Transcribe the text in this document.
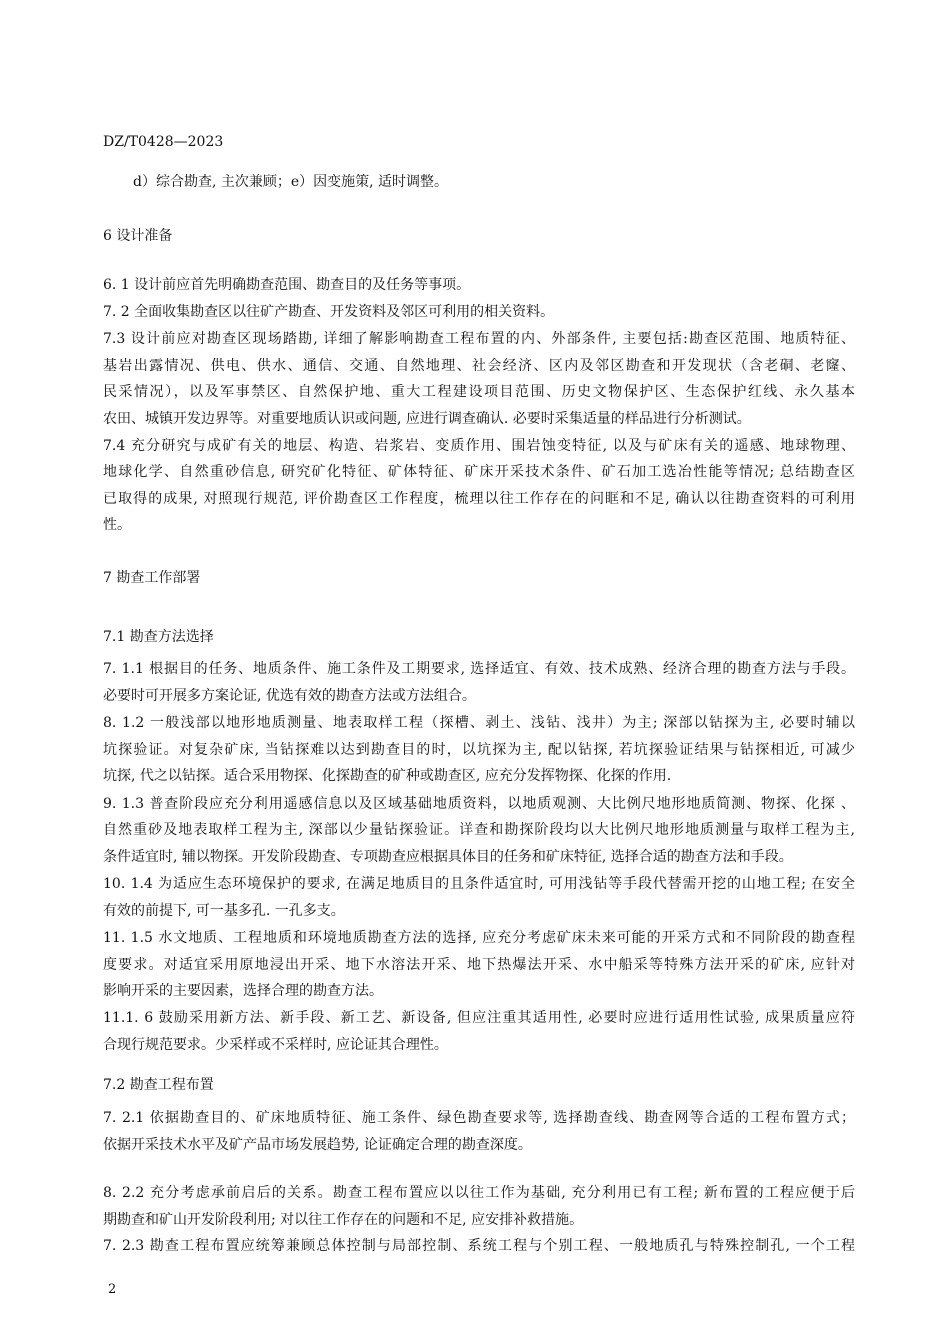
DZ/T0428—2023
d）综合勘查, 主次兼顾；e）因变施策, 适时调整。
6 设计准备
6. 1 设计前应首先明确勘查范围、勘查目的及任务等事项。
7. 2 全面收集勘查区以往矿产勘查、开发资料及邻区可利用的相关资料。
7.3 设计前应对勘查区现场踏勘, 详细了解影响勘查工程布置的内、外部条件, 主要包括:勘查区范围、地质特征、
基岩出露情况、供电、供水、通信、交通、自然地理、社会经济、区内及邻区勘查和开发现状（含老硐、老窿、
民采情况），以及军事禁区、自然保护地、重大工程建设项目范围、历史文物保护区、生态保护红线、永久基本
农田、城镇开发边界等。对重要地质认识或问题, 应进行调查确认. 必要时采集适量的样品进行分析测试。
7.4 充分研究与成矿有关的地层、构造、岩浆岩、变质作用、围岩蚀变特征, 以及与矿床有关的遥感、地球物理、
地球化学、自然重砂信息, 研究矿化特征、矿体特征、矿床开采技术条件、矿石加工选冶性能等情况; 总结勘查区
已取得的成果, 对照现行规范, 评价勘查区工作程度，梳理以往工作存在的问眶和不足, 确认以往勘查资料的可利用
性。
7 勘查工作部署
7.1 勘查方法选择
7. 1.1 根据目的任务、地质条件、施工条件及工期要求, 选择适宜、有效、技术成熟、经济合理的勘查方法与手段。
必要时可开展多方案论证, 优选有效的勘查方法或方法组合。
8. 1.2 一般浅部以地形地质测量、地表取样工程（探槽、剥土、浅钻、浅井）为主; 深部以钻探为主, 必要时辅以
坑探验证。对复杂矿床, 当钻探难以达到勘查目的时，以坑探为主, 配以钻探, 若坑探验证结果与钻探相近, 可减少
坑探, 代之以钻探。适合采用物探、化探勘查的矿种或勘查区, 应充分发挥物探、化探的作用.
9. 1.3 普查阶段应充分利用遥感信息以及区域基础地质资料，以地质观测、大比例尺地形地质简测、物探、化探 、
自然重砂及地表取样工程为主, 深部以少量钻探验证。详查和勘探阶段均以大比例尺地形地质测量与取样工程为主,
条件适宜时, 辅以物探。开发阶段勘查、专项勘查应根据具体目的任务和矿床特征, 选择合适的勘查方法和手段。
10. 1.4 为适应生态环境保护的要求, 在满足地质目的且条件适宜时, 可用浅钻等手段代替需开挖的山地工程; 在安全
有效的前提下, 可一基多孔. 一孔多支。
11. 1.5 水文地质、工程地质和环境地质勘查方法的选择, 应充分考虑矿床未来可能的开采方式和不同阶段的勘查程
度要求。对适宜采用原地浸出开采、地下水溶法开采、地下热爆法开采、水中船采等特殊方法开采的矿床, 应针对
影响开采的主要因素，选择合理的勘查方法。
11.1. 6 鼓励采用新方法、新手段、新工艺、新设备, 但应注重其适用性, 必要时应进行适用性试验, 成果质量应符
合现行规范要求。少采样或不采样时, 应论证其合理性。
7.2 勘查工程布置
7. 2.1 依据勘查目的、矿床地质特征、施工条件、绿色勘查要求等, 选择勘查线、勘查网等合适的工程布置方式；
依据开采技术水平及矿产品市场发展趋势, 论证确定合理的勘查深度。
8. 2.2 充分考虑承前启后的关系。勘查工程布置应以以往工作为基础, 充分利用已有工程; 新布置的工程应便于后
期勘查和矿山开发阶段利用; 对以往工作存在的问题和不足, 应安排补救措施。
7. 2.3 勘查工程布置应统筹兼顾总体控制与局部控制、系统工程与个别工程、一般地质孔与特殊控制孔, 一个工程
2
